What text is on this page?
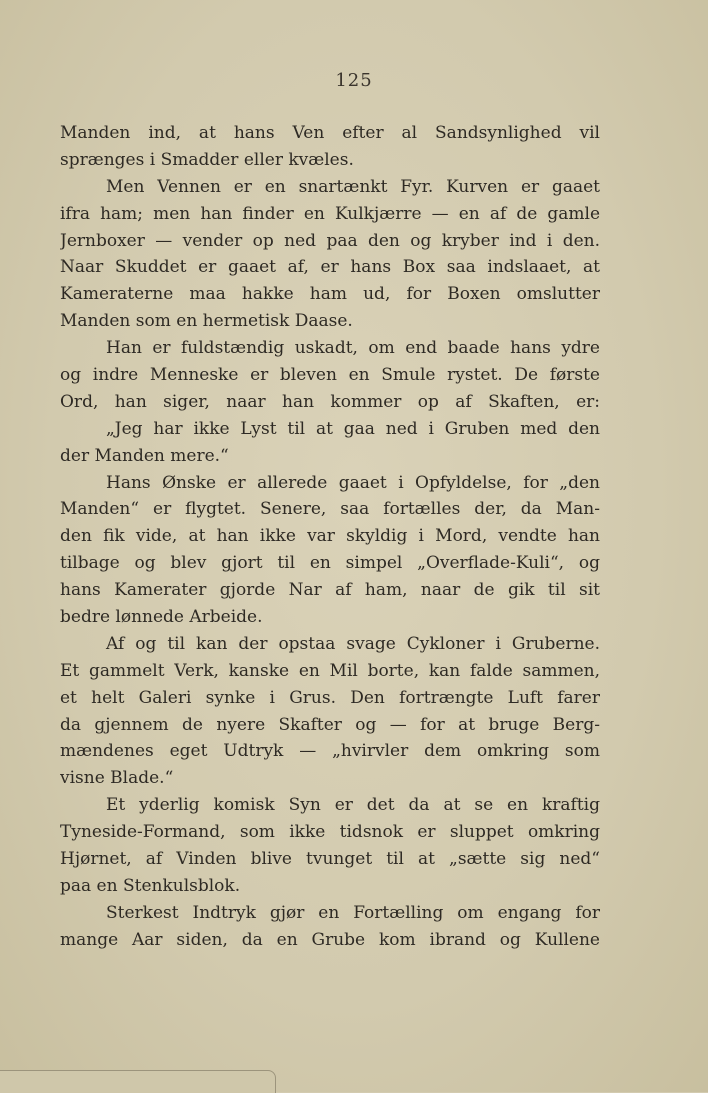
125
Manden ind, at hans Ven efter al Sandsynlighed vil
sprænges i Smadder eller kvæles.
Men Vennen er en snartænkt Fyr. Kurven er gaaet
ifra ham; men han finder en Kulkjærre — en af de gamle
Jernboxer — vender op ned paa den og kryber ind i den.
Naar Skuddet er gaaet af, er hans Box saa indslaaet, at
Kameraterne maa hakke ham ud, for Boxen omslutter
Manden som en hermetisk Daase.
Han er fuldstændig uskadt, om end baade hans ydre
og indre Menneske er bleven en Smule rystet. De første
Ord, han siger, naar han kommer op af Skaften, er:
„Jeg har ikke Lyst til at gaa ned i Gruben med den
der Manden mere.“
Hans Ønske er allerede gaaet i Opfyldelse, for „den
Manden“ er flygtet. Senere, saa fortælles der, da Man-
den fik vide, at han ikke var skyldig i Mord, vendte han
tilbage og blev gjort til en simpel „Overflade-Kuli“, og
hans Kamerater gjorde Nar af ham, naar de gik til sit
bedre lønnede Arbeide.
Af og til kan der opstaa svage Cykloner i Gruberne.
Et gammelt Verk, kanske en Mil borte, kan falde sammen,
et helt Galeri synke i Grus. Den fortrængte Luft farer
da gjennem de nyere Skafter og — for at bruge Berg-
mændenes eget Udtryk — „hvirvler dem omkring som
visne Blade.“
Et yderlig komisk Syn er det da at se en kraftig
Tyneside-Formand, som ikke tidsnok er sluppet omkring
Hjørnet, af Vinden blive tvunget til at „sætte sig ned“
paa en Stenkulsblok.
Sterkest Indtryk gjør en Fortælling om engang for
mange Aar siden, da en Grube kom ibrand og Kullene
